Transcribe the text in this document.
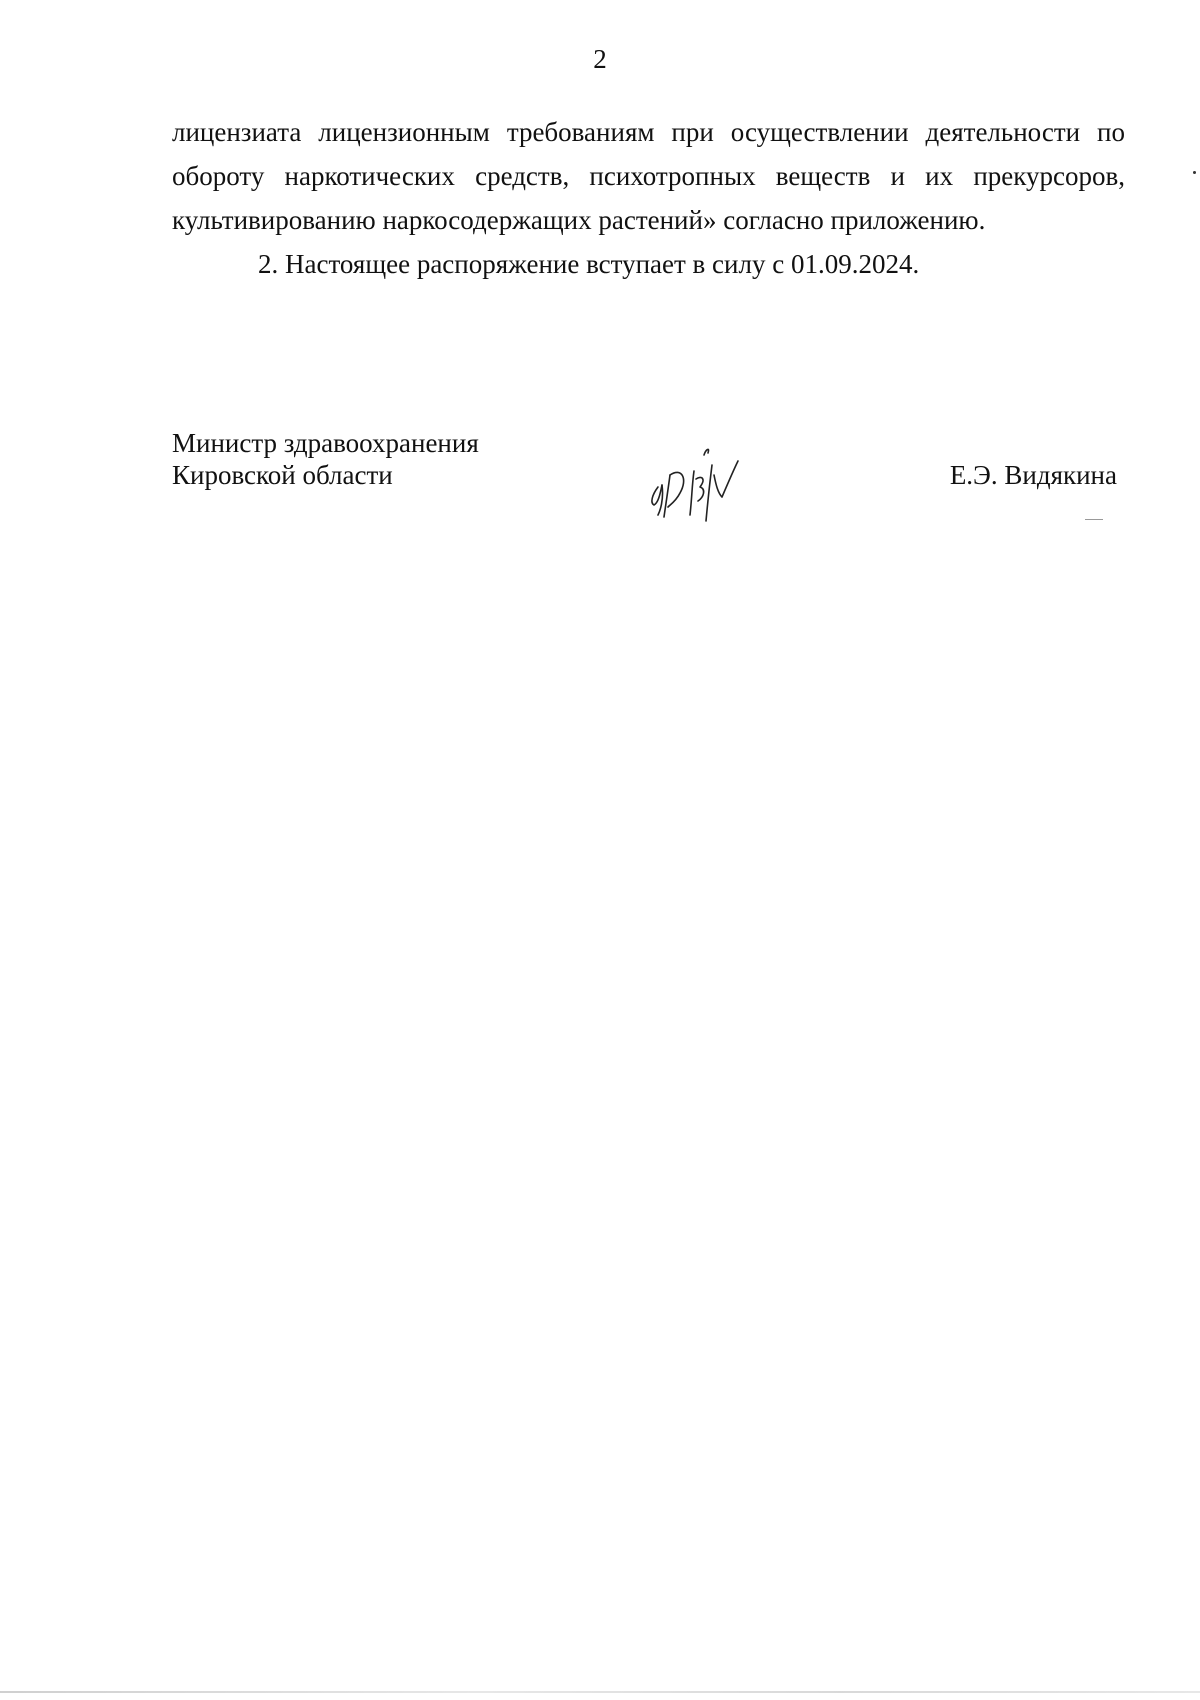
2

лицензиата лицензионным требованиям при осуществлении деятельности по
обороту наркотических средств, психотропных веществ и их прекурсоров,
культивированию наркосодержащих растений» согласно приложению.

2. Настоящее распоряжение вступает в силу с 01.09.2024.

Министр здравоохранения
Кировской области	Е.Э. Видякина
